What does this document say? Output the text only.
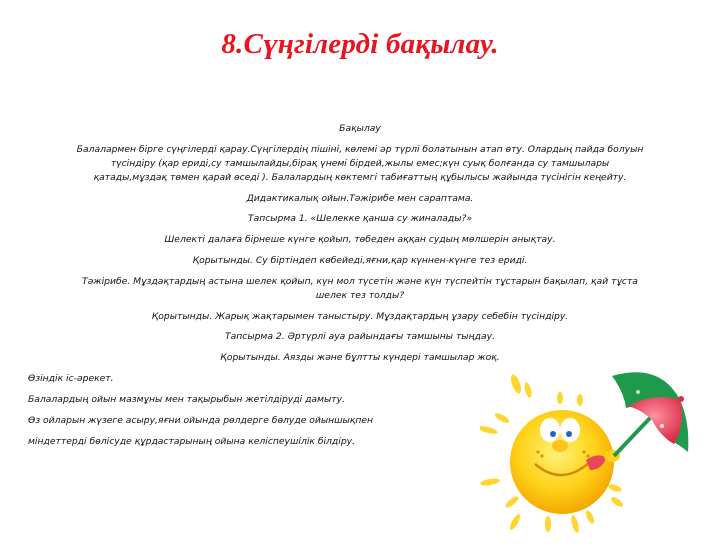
8.Сүңгілерді бақылау.
Бақылау
Балалармен бірге сүңгілерді қарау.Сүңгілердің пішіні, көлемі әр түрлі болатынын атап өту. Олардың пайда болуын
түсіндіру (қар ериді,су тамшылайды,бірақ үнемі бірдей,жылы емес;күн суық болғанда су тамшылары
қатады,мұздақ төмен қарай өседі ). Балалардың көктемгі табиғаттың құбылысы жайында түсінігін кеңейту.
Дидактикалық ойын.Тәжірибе мен сараптама.
Тапсырма 1. «Шелекке қанша су жиналады?»
Шелекті далаға бірнеше күнге қойып, төбеден аққан судың мөлшерін анықтау.
Қорытынды. Су біртіндеп көбейеді,яғни,қар күннен-күнге тез ериді.
Тәжірибе. Мұздақтардың астына шелек қойып, күн мол түсетін және күн түспейтін тұстарын бақылап, қай тұста
шелек тез толды?
Қорытынды. Жарық жақтарымен таныстыру. Мұздақтардың ұзару себебін түсіндіру.
Тапсырма 2. Әртүрлі ауа райындағы тамшыны тыңдау.
Қорытынды. Аязды және бұлтты күндері тамшылар жоқ.
Өзіндік іс-әрекет.
Балалардың ойын мазмұны мен тақырыбын жетілдіруді дамыту.
Өз ойларын жүзеге асыру,яғни ойында рөлдерге бөлуде ойыншықпен
міндеттерді бөлісуде құрдастарының ойына келіспеушілік білдіру.
